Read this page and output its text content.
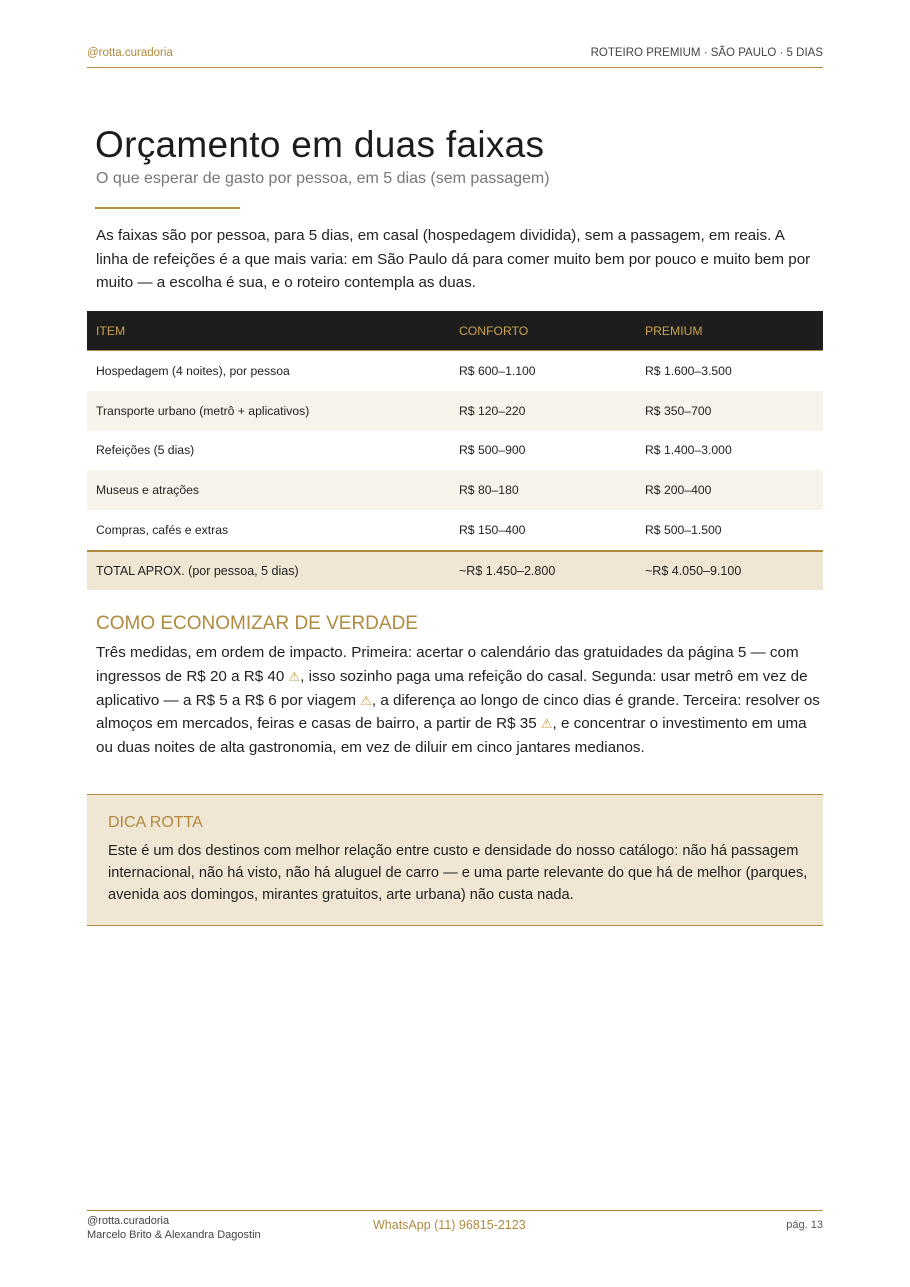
@rotta.curadoria	ROTEIRO PREMIUM · SÃO PAULO · 5 DIAS
Orçamento em duas faixas

O que esperar de gasto por pessoa, em 5 dias (sem passagem)

As faixas são por pessoa, para 5 dias, em casal (hospedagem dividida), sem a passagem, em reais. A linha de refeições é a que mais varia: em São Paulo dá para comer muito bem por pouco e muito bem por muito — a escolha é sua, e o roteiro contempla as duas.

ITEM	CONFORTO	PREMIUM
Hospedagem (4 noites), por pessoa	R$ 600–1.100	R$ 1.600–3.500
Transporte urbano (metrô + aplicativos)	R$ 120–220	R$ 350–700
Refeições (5 dias)	R$ 500–900	R$ 1.400–3.000
Museus e atrações	R$ 80–180	R$ 200–400
Compras, cafés e extras	R$ 150–400	R$ 500–1.500
TOTAL APROX. (por pessoa, 5 dias)	~R$ 1.450–2.800	~R$ 4.050–9.100
COMO ECONOMIZAR DE VERDADE

Três medidas, em ordem de impacto. Primeira: acertar o calendário das gratuidades da página 5 — com ingressos de R$ 20 a R$ 40 ⚠, isso sozinho paga uma refeição do casal. Segunda: usar metrô em vez de aplicativo — a R$ 5 a R$ 6 por viagem ⚠, a diferença ao longo de cinco dias é grande. Terceira: resolver os almoços em mercados, feiras e casas de bairro, a partir de R$ 35 ⚠, e concentrar o investimento em uma ou duas noites de alta gastronomia, em vez de diluir em cinco jantares medianos.

DICA ROTTA

Este é um dos destinos com melhor relação entre custo e densidade do nosso catálogo: não há passagem internacional, não há visto, não há aluguel de carro — e uma parte relevante do que há de melhor (parques, avenida aos domingos, mirantes gratuitos, arte urbana) não custa nada.

@rotta.curadoria
Marcelo Brito & Alexandra Dagostin
WhatsApp (11) 96815-2123	pág. 13
